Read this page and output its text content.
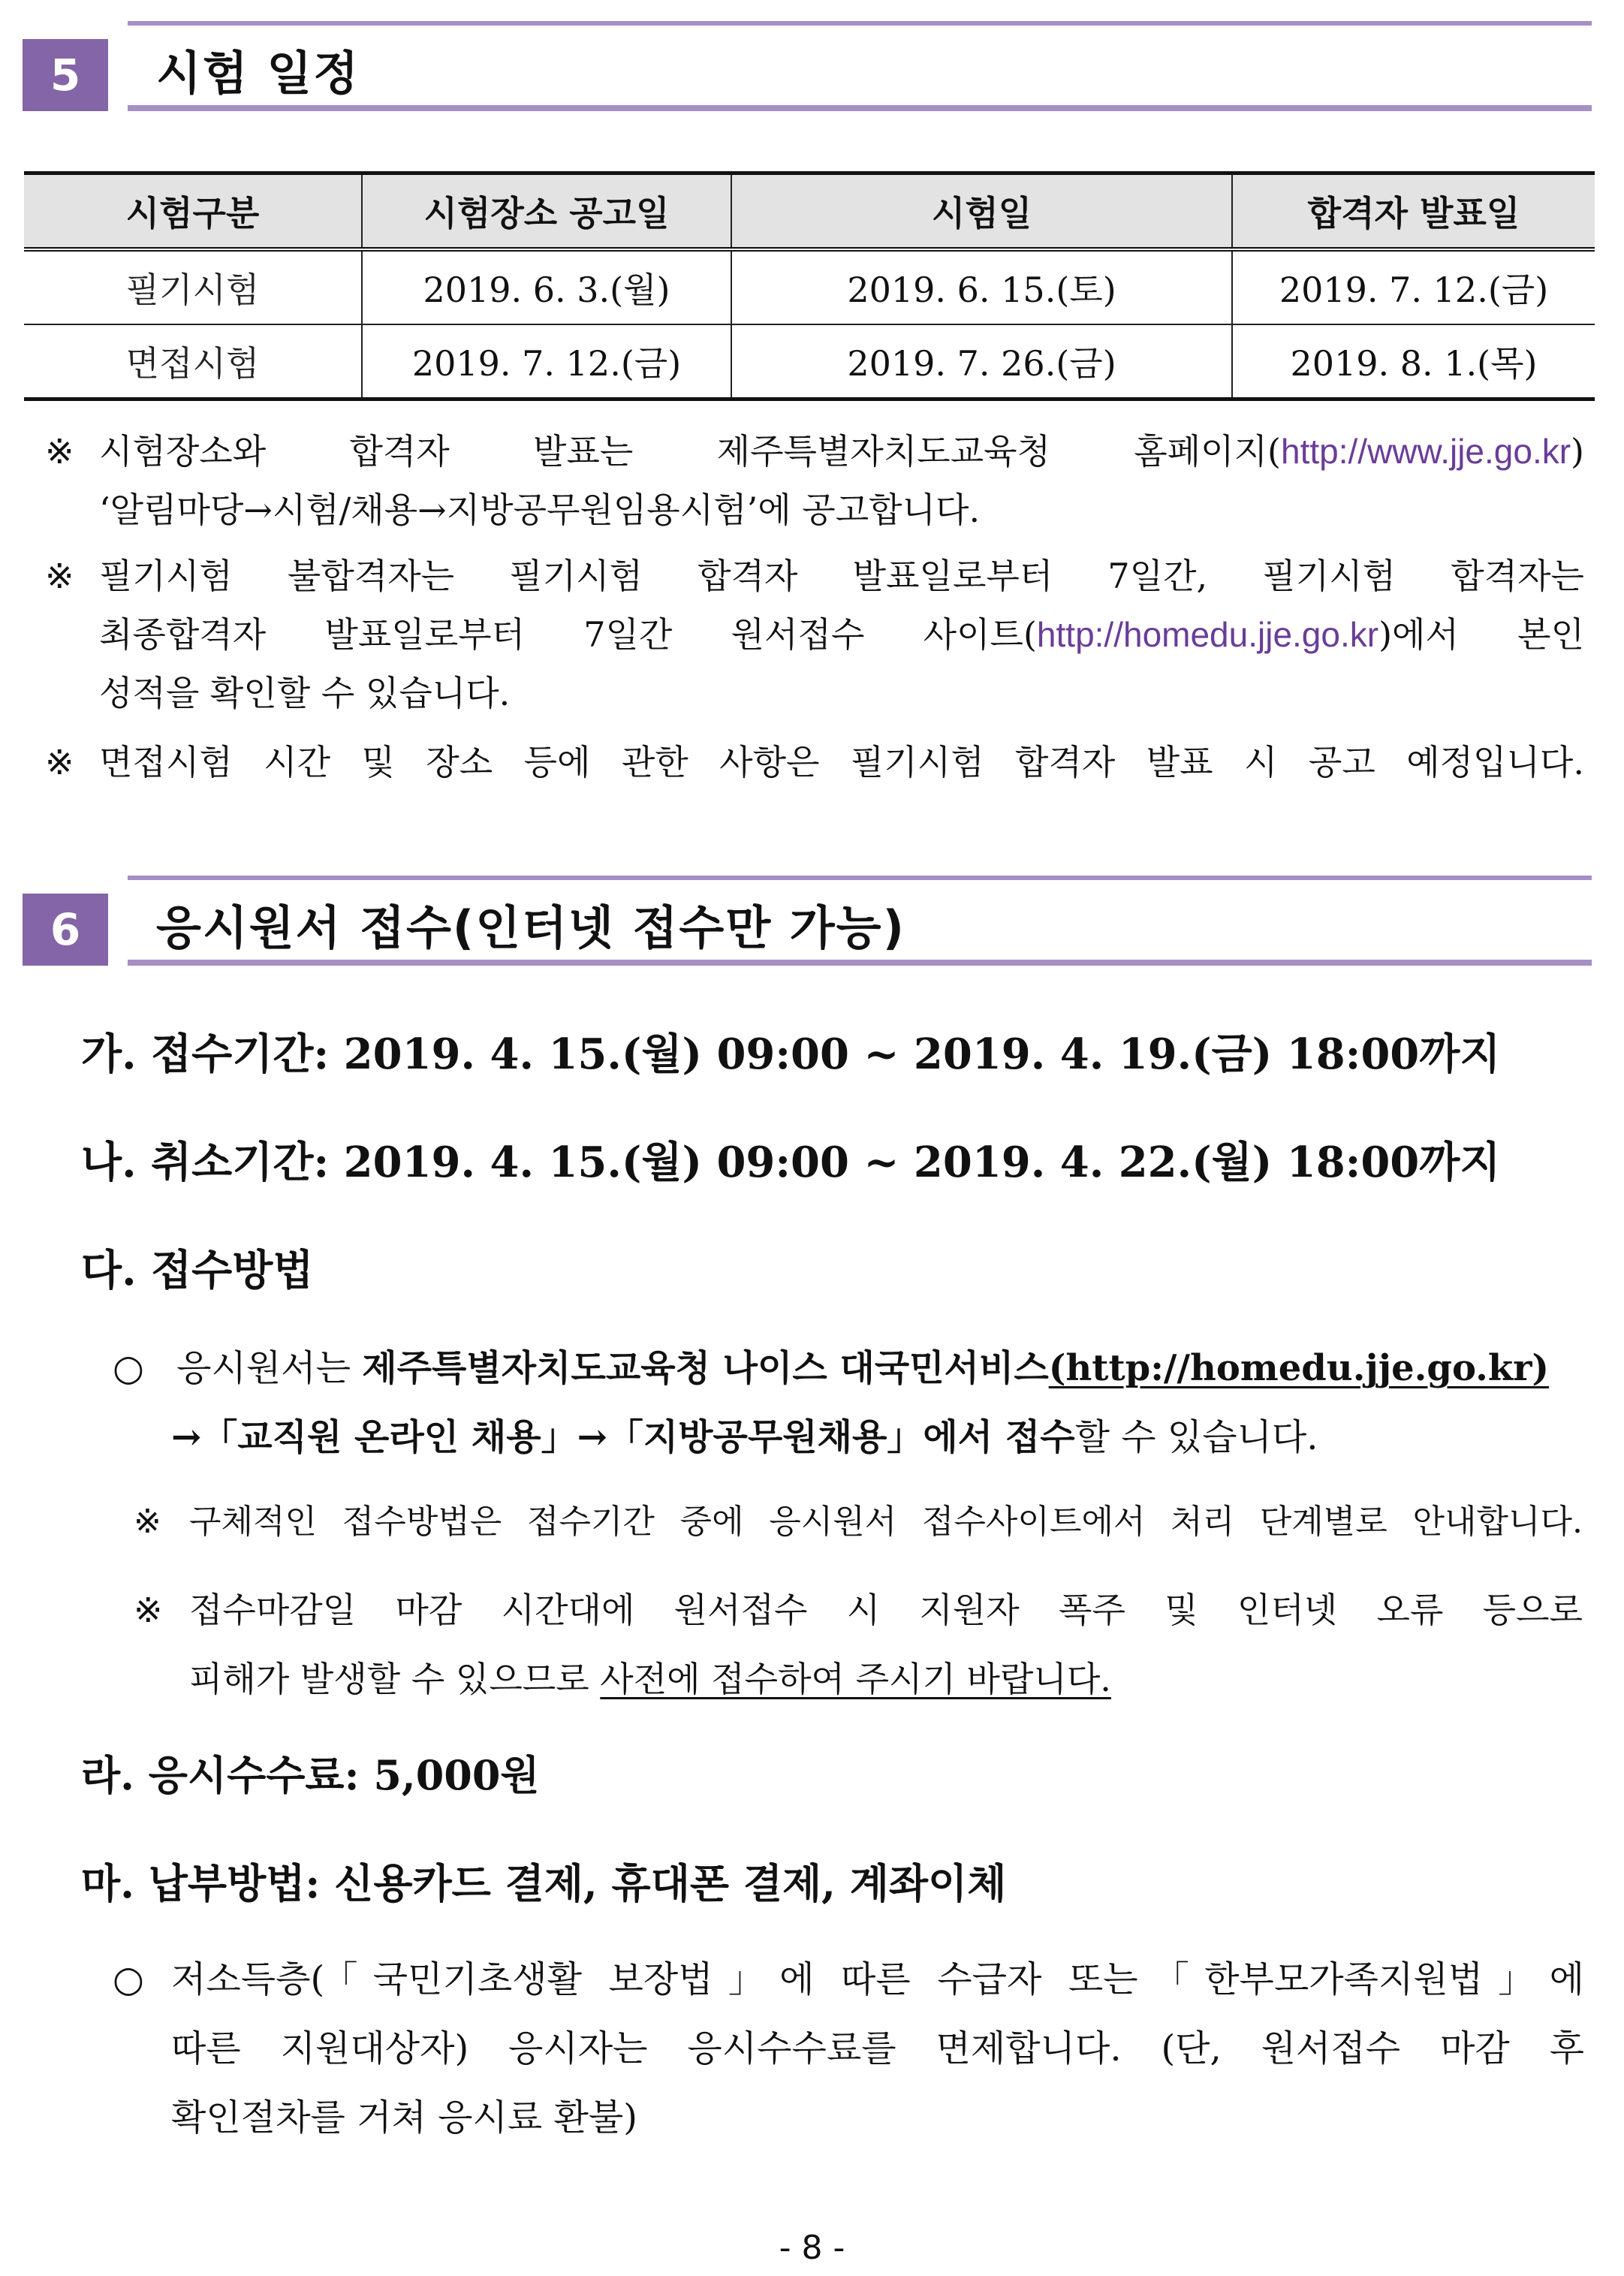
5	시험 일정
시험구분	시험장소 공고일	시험일	합격자 발표일
필기시험	2019. 6. 3.(월)	2019. 6. 15.(토)	2019. 7. 12.(금)
면접시험	2019. 7. 12.(금)	2019. 7. 26.(금)	2019. 8. 1.(목)
※ 시험장소와 합격자 발표는 제주특별자치도교육청 홈페이지(http://www.jje.go.kr)
‘알림마당→시험/채용→지방공무원임용시험’에 공고합니다.
※ 필기시험 불합격자는 필기시험 합격자 발표일로부터 7일간, 필기시험 합격자는
최종합격자 발표일로부터 7일간 원서접수 사이트(http://homedu.jje.go.kr)에서 본인
성적을 확인할 수 있습니다.
※ 면접시험 시간 및 장소 등에 관한 사항은 필기시험 합격자 발표 시 공고 예정입니다.
6	응시원서 접수(인터넷 접수만 가능)
가. 접수기간: 2019. 4. 15.(월) 09:00 ~ 2019. 4. 19.(금) 18:00까지
나. 취소기간: 2019. 4. 15.(월) 09:00 ~ 2019. 4. 22.(월) 18:00까지
다. 접수방법
○ 응시원서는 제주특별자치도교육청 나이스 대국민서비스(http://homedu.jje.go.kr)
→「교직원 온라인 채용」→「지방공무원채용」에서 접수할 수 있습니다.
※ 구체적인 접수방법은 접수기간 중에 응시원서 접수사이트에서 처리 단계별로 안내합니다.
※ 접수마감일 마감 시간대에 원서접수 시 지원자 폭주 및 인터넷 오류 등으로
피해가 발생할 수 있으므로 사전에 접수하여 주시기 바랍니다.
라. 응시수수료: 5,000원
마. 납부방법: 신용카드 결제, 휴대폰 결제, 계좌이체
○ 저소득층(「국민기초생활 보장법」에 따른 수급자 또는「한부모가족지원법」에
따른 지원대상자) 응시자는 응시수수료를 면제합니다. (단, 원서접수 마감 후
확인절차를 거쳐 응시료 환불)
- 8 -
